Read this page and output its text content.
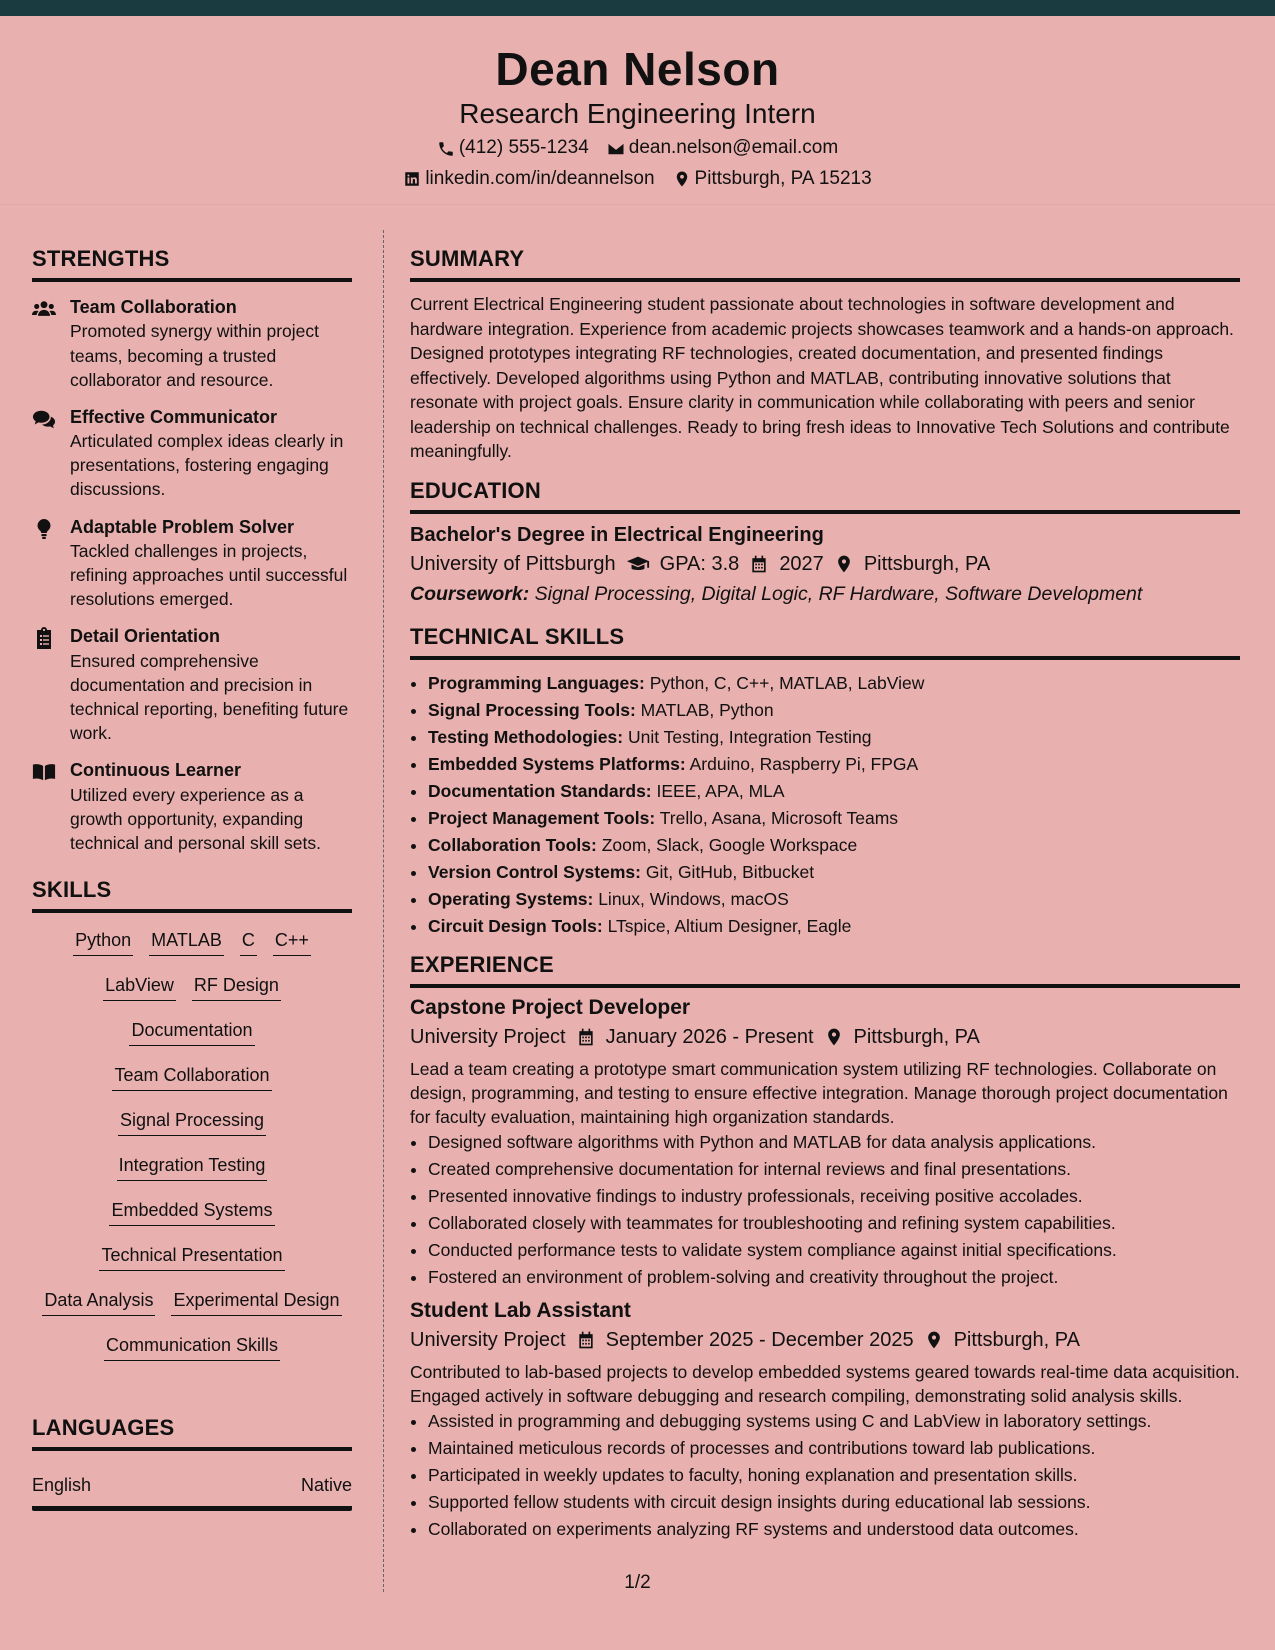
Dean Nelson
Research Engineering Intern
(412) 555-1234 dean.nelson@email.com
linkedin.com/in/deannelson Pittsburgh, PA 15213
STRENGTHS
Team Collaboration
Promoted synergy within project teams, becoming a trusted collaborator and resource.
Effective Communicator
Articulated complex ideas clearly in presentations, fostering engaging discussions.
Adaptable Problem Solver
Tackled challenges in projects, refining approaches until successful resolutions emerged.
Detail Orientation
Ensured comprehensive documentation and precision in technical reporting, benefiting future work.
Continuous Learner
Utilized every experience as a growth opportunity, expanding technical and personal skill sets.
SKILLS
Python MATLAB C C++
LabView RF Design
Documentation
Team Collaboration
Signal Processing
Integration Testing
Embedded Systems
Technical Presentation
Data Analysis Experimental Design
Communication Skills
LANGUAGES
English	Native
SUMMARY
Current Electrical Engineering student passionate about technologies in software development and hardware integration. Experience from academic projects showcases teamwork and a hands-on approach. Designed prototypes integrating RF technologies, created documentation, and presented findings effectively. Developed algorithms using Python and MATLAB, contributing innovative solutions that resonate with project goals. Ensure clarity in communication while collaborating with peers and senior leadership on technical challenges. Ready to bring fresh ideas to Innovative Tech Solutions and contribute meaningfully.
EDUCATION
Bachelor's Degree in Electrical Engineering
University of Pittsburgh GPA: 3.8 2027 Pittsburgh, PA
Coursework: Signal Processing, Digital Logic, RF Hardware, Software Development
TECHNICAL SKILLS
• Programming Languages: Python, C, C++, MATLAB, LabView
• Signal Processing Tools: MATLAB, Python
• Testing Methodologies: Unit Testing, Integration Testing
• Embedded Systems Platforms: Arduino, Raspberry Pi, FPGA
• Documentation Standards: IEEE, APA, MLA
• Project Management Tools: Trello, Asana, Microsoft Teams
• Collaboration Tools: Zoom, Slack, Google Workspace
• Version Control Systems: Git, GitHub, Bitbucket
• Operating Systems: Linux, Windows, macOS
• Circuit Design Tools: LTspice, Altium Designer, Eagle
EXPERIENCE
Capstone Project Developer
University Project January 2026 - Present Pittsburgh, PA
Lead a team creating a prototype smart communication system utilizing RF technologies. Collaborate on design, programming, and testing to ensure effective integration. Manage thorough project documentation for faculty evaluation, maintaining high organization standards.
• Designed software algorithms with Python and MATLAB for data analysis applications.
• Created comprehensive documentation for internal reviews and final presentations.
• Presented innovative findings to industry professionals, receiving positive accolades.
• Collaborated closely with teammates for troubleshooting and refining system capabilities.
• Conducted performance tests to validate system compliance against initial specifications.
• Fostered an environment of problem-solving and creativity throughout the project.
Student Lab Assistant
University Project September 2025 - December 2025 Pittsburgh, PA
Contributed to lab-based projects to develop embedded systems geared towards real-time data acquisition. Engaged actively in software debugging and research compiling, demonstrating solid analysis skills.
• Assisted in programming and debugging systems using C and LabView in laboratory settings.
• Maintained meticulous records of processes and contributions toward lab publications.
• Participated in weekly updates to faculty, honing explanation and presentation skills.
• Supported fellow students with circuit design insights during educational lab sessions.
• Collaborated on experiments analyzing RF systems and understood data outcomes.
1/2
